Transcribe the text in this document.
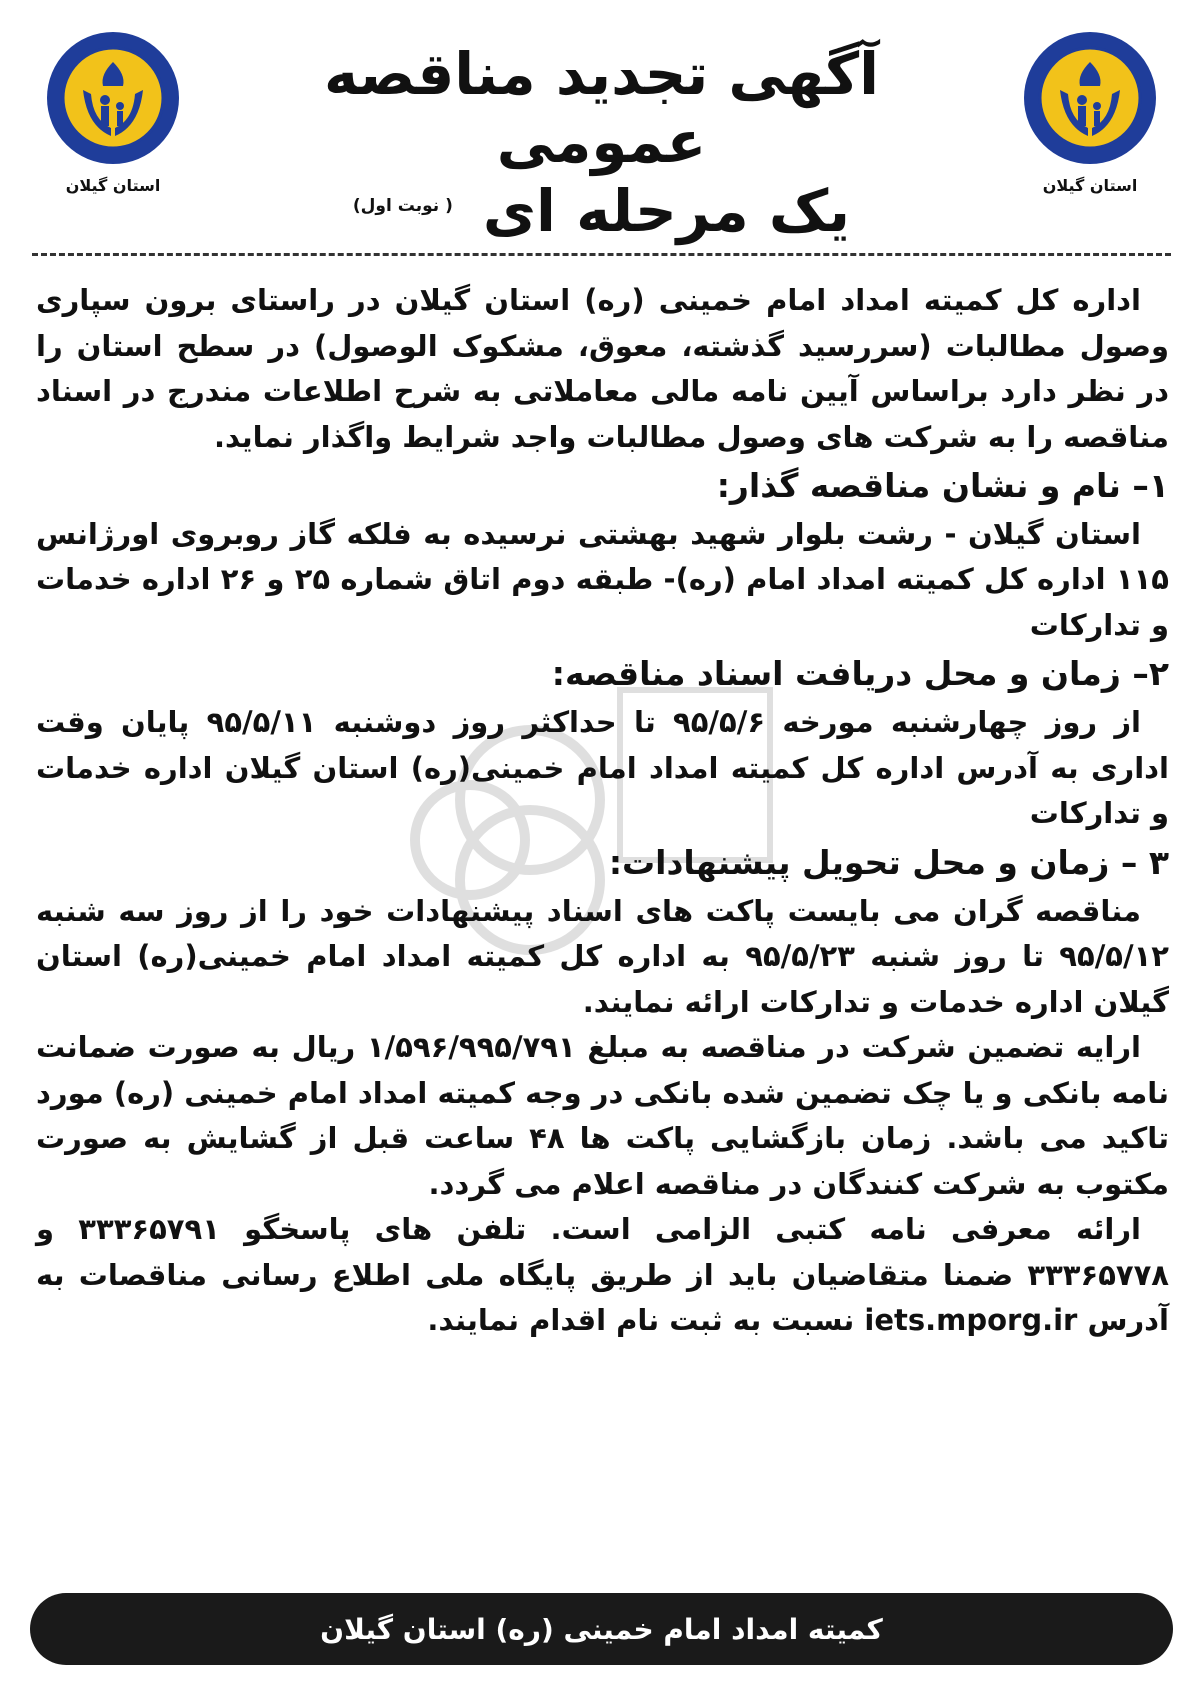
استان گیلان	استان گیلان
آگهی تجدید مناقصه عمومی
یک مرحله ای
( نوبت اول)

اداره کل کمیته امداد امام خمینی (ره) استان گیلان در راستای برون سپاری وصول مطالبات (سررسید گذشته، معوق، مشکوک الوصول) در سطح استان را در نظر دارد براساس آیین نامه مالی معاملاتی به شرح اطلاعات مندرج در اسناد مناقصه را به شرکت های وصول مطالبات واجد شرایط واگذار نماید.

۱– نام و نشان مناقصه گذار:

استان گیلان - رشت بلوار شهید بهشتی نرسیده به فلکه گاز روبروی اورژانس ۱۱۵ اداره کل کمیته امداد امام (ره)- طبقه دوم اتاق شماره ۲۵ و ۲۶ اداره خدمات و تدارکات

۲– زمان و محل دریافت اسناد مناقصه:

از روز چهارشنبه مورخه ۹۵/۵/۶ تا حداکثر روز دوشنبه ۹۵/۵/۱۱ پایان وقت اداری به آدرس اداره کل کمیته امداد امام خمینی(ره) استان گیلان اداره خدمات و تدارکات

۳ – زمان و محل تحویل پیشنهادات:

مناقصه گران می بایست پاکت های اسناد پیشنهادات خود را از روز سه شنبه ۹۵/۵/۱۲ تا روز شنبه ۹۵/۵/۲۳ به اداره کل کمیته امداد امام خمینی(ره) استان گیلان اداره خدمات و تدارکات ارائه نمایند.

ارایه تضمین شرکت در مناقصه به مبلغ ۱/۵۹۶/۹۹۵/۷۹۱ ریال به صورت ضمانت نامه بانکی و یا چک تضمین شده بانکی در وجه کمیته امداد امام خمینی (ره) مورد تاکید می باشد. زمان بازگشایی پاکت ها ۴۸ ساعت قبل از گشایش به صورت مکتوب به شرکت کنندگان در مناقصه اعلام می گردد.

ارائه معرفی نامه کتبی الزامی است. تلفن های پاسخگو ۳۳۳۶۵۷۹۱ و ۳۳۳۶۵۷۷۸ ضمنا متقاضیان باید از طریق پایگاه ملی اطلاع رسانی مناقصات به آدرس iets.mporg.ir نسبت به ثبت نام اقدام نمایند.

کمیته امداد امام خمینی (ره) استان گیلان
